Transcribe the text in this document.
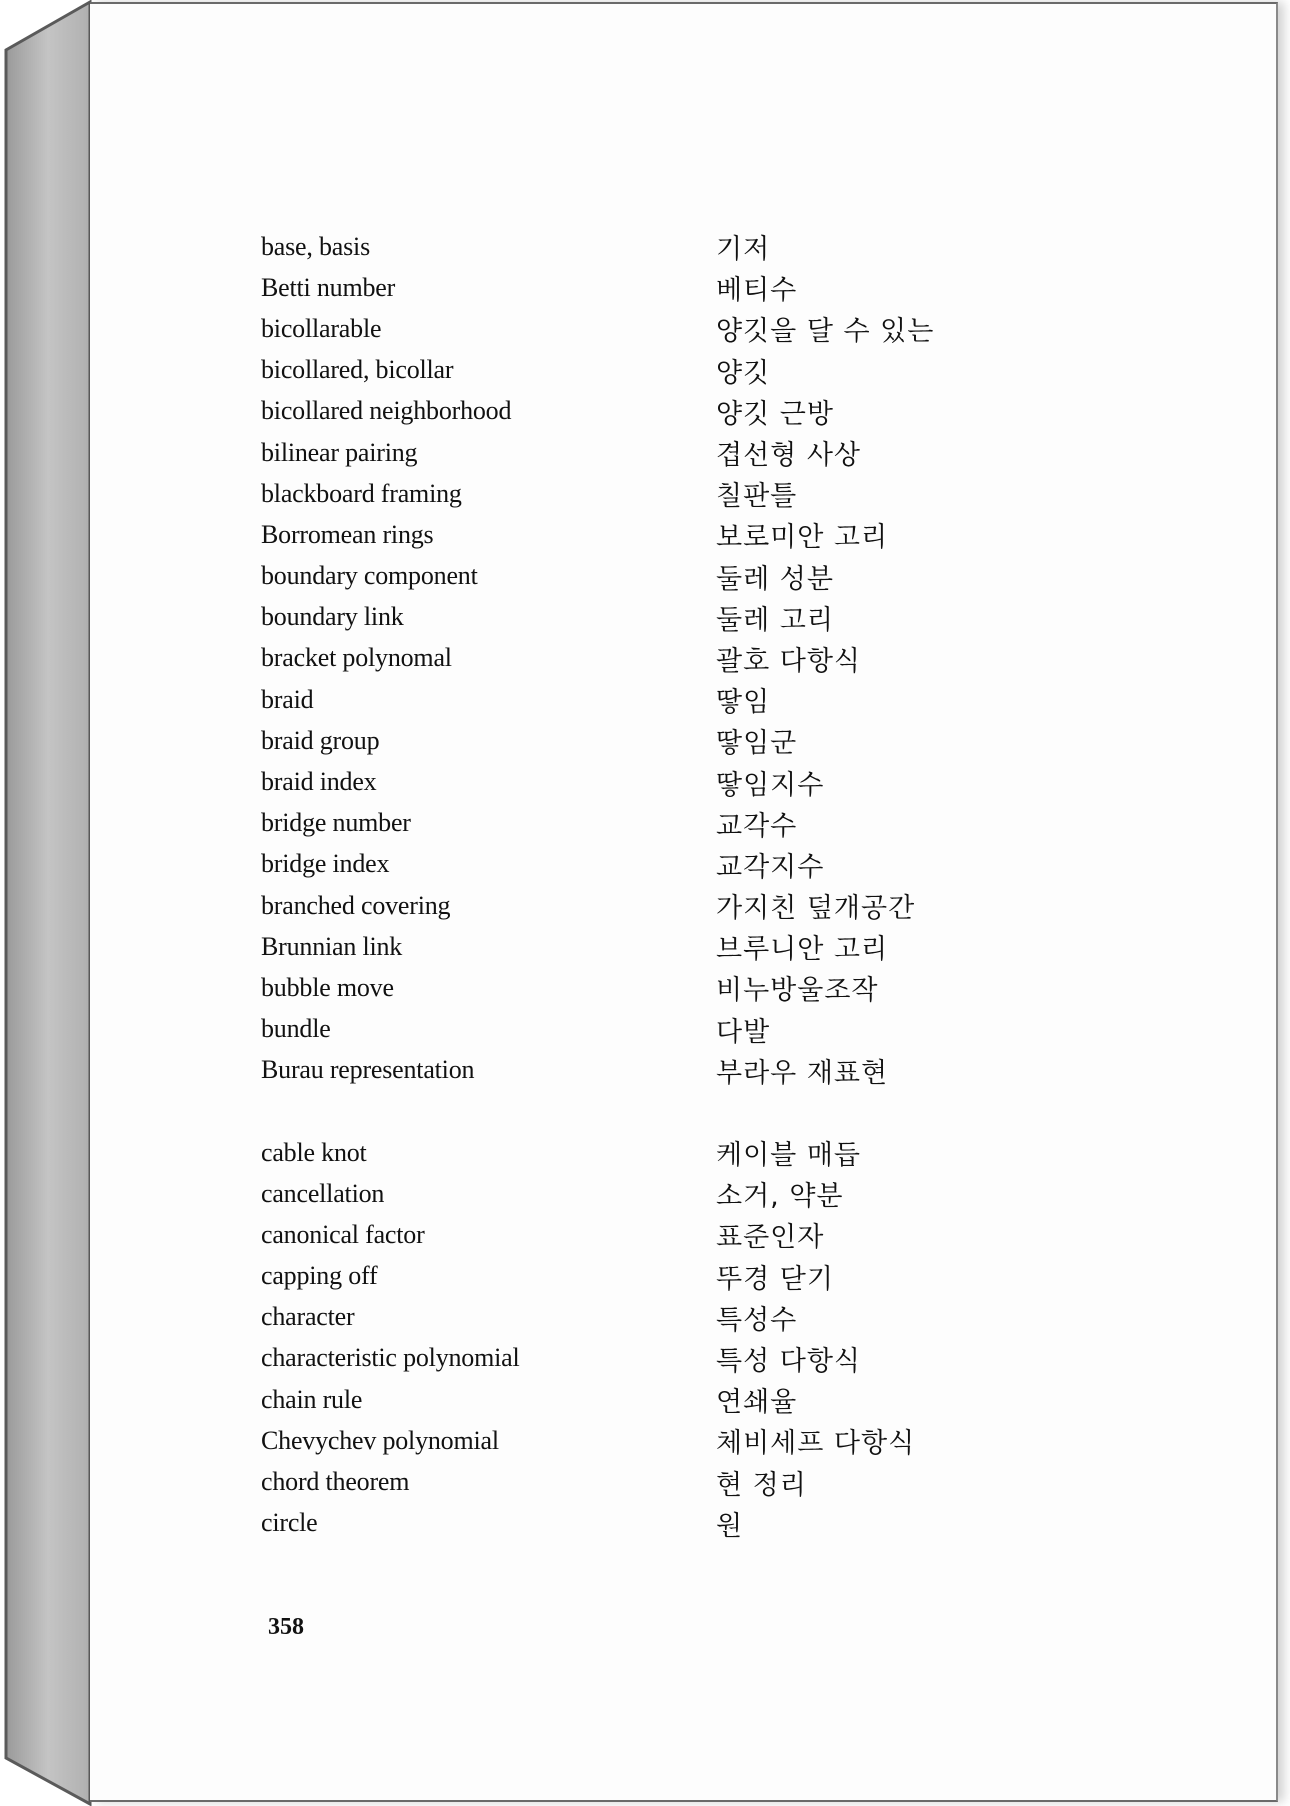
base, basis	기저
Betti number	베티수
bicollarable	양깃을 달 수 있는
bicollared, bicollar	양깃
bicollared neighborhood	양깃 근방
bilinear pairing	겹선형 사상
blackboard framing	칠판틀
Borromean rings	보로미안 고리
boundary component	둘레 성분
boundary link	둘레 고리
bracket polynomal	괄호 다항식
braid	땋임
braid group	땋임군
braid index	땋임지수
bridge number	교각수
bridge index	교각지수
branched covering	가지친 덮개공간
Brunnian link	브루니안 고리
bubble move	비누방울조작
bundle	다발
Burau representation	부라우 재표현
cable knot	케이블 매듭
cancellation	소거, 약분
canonical factor	표준인자
capping off	뚜경 닫기
character	특성수
characteristic polynomial	특성 다항식
chain rule	연쇄율
Chevychev polynomial	체비세프 다항식
chord theorem	현 정리
circle	원
358
